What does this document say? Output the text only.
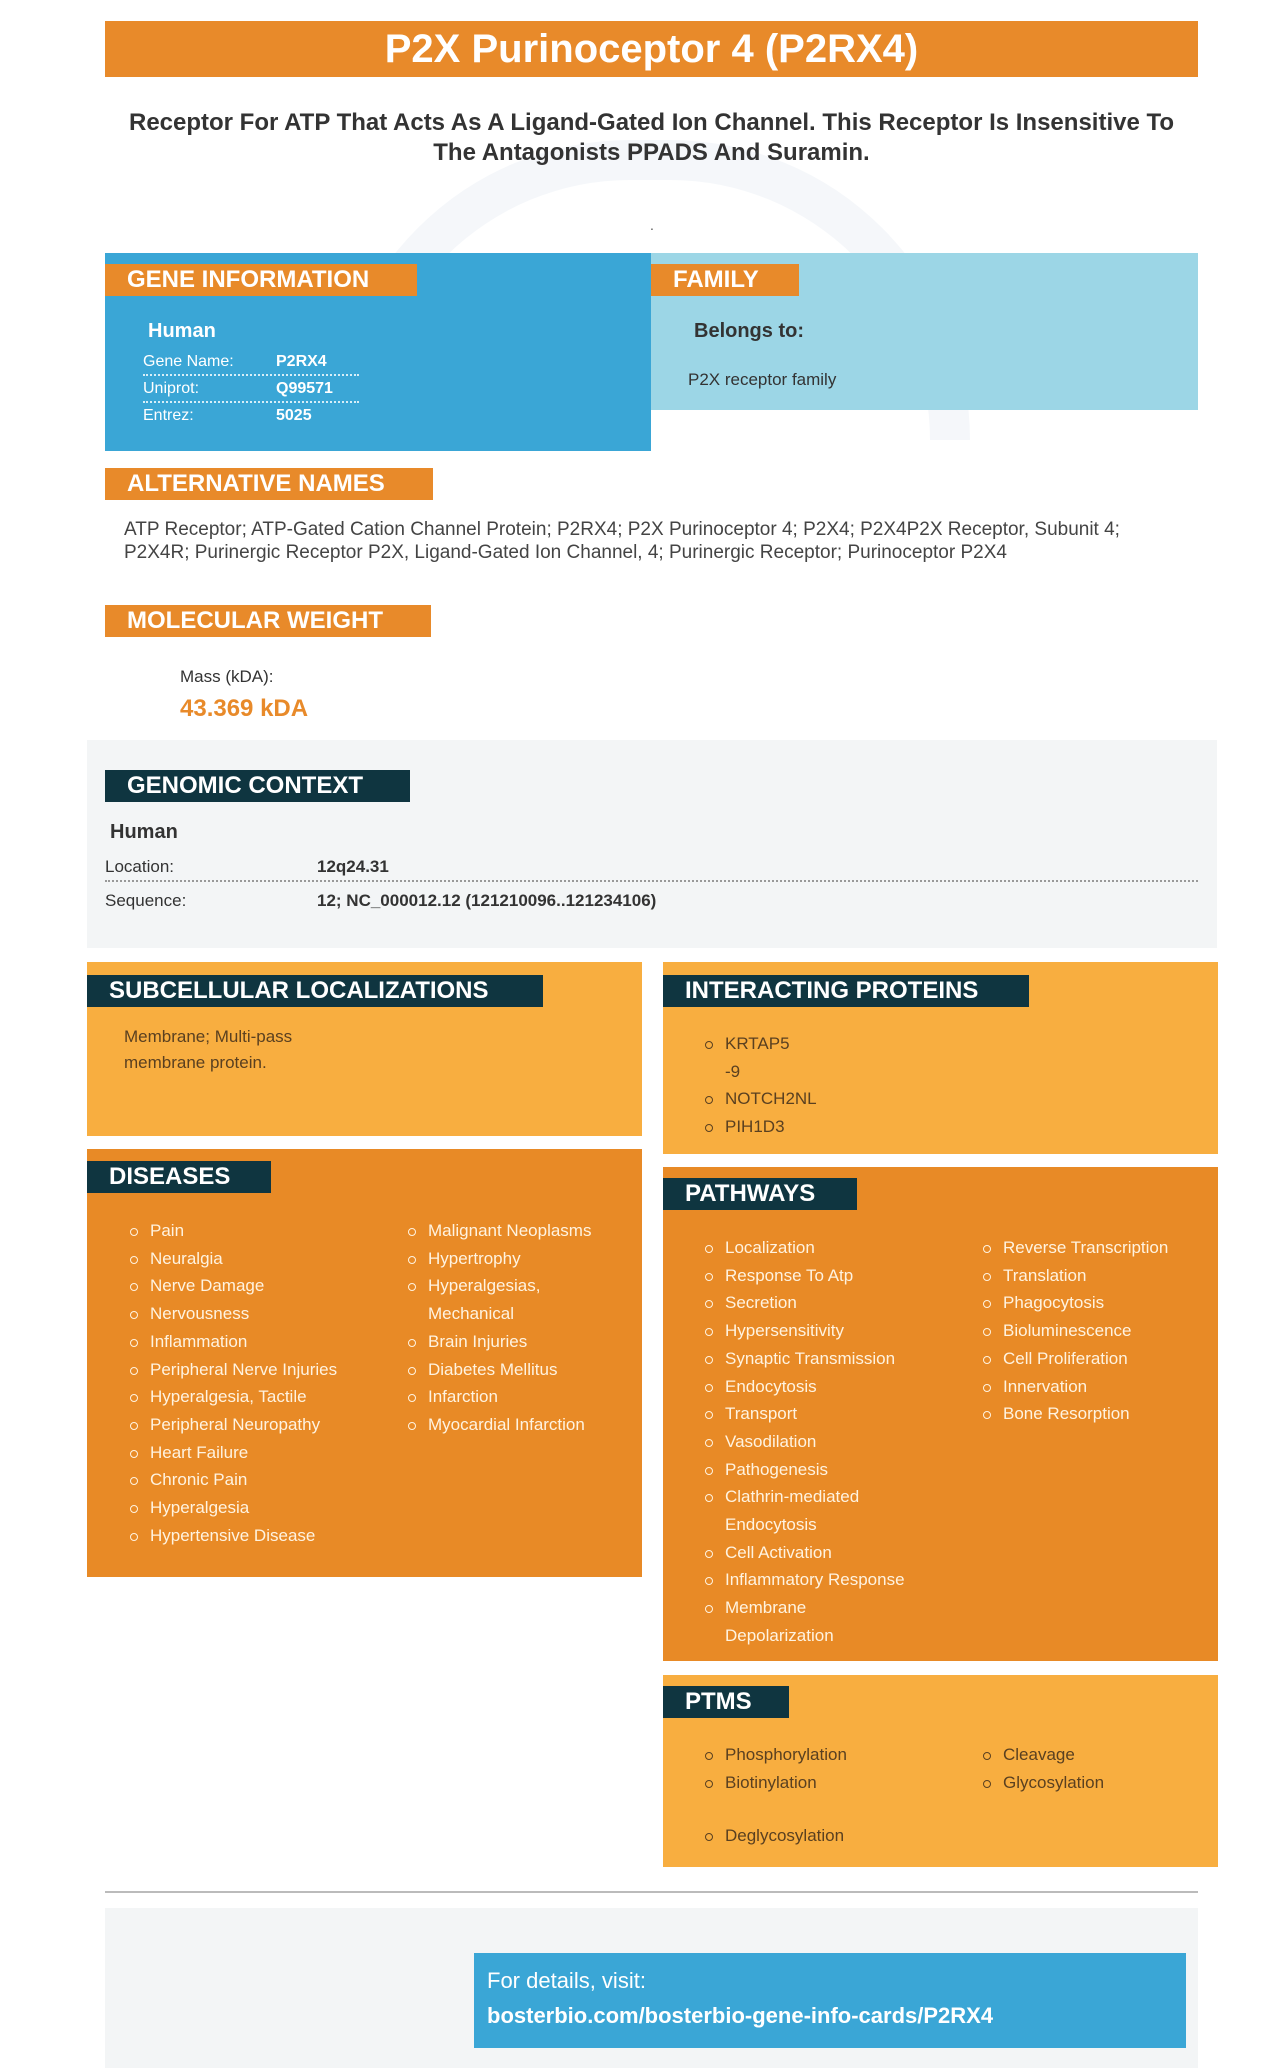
.
P2X Purinoceptor 4 (P2RX4)
Receptor For ATP That Acts As A Ligand-Gated Ion Channel. This Receptor Is Insensitive To The Antagonists PPADS And Suramin.
GENE INFORMATION	FAMILY
Human
Gene Name:	P2RX4
Uniprot:	Q99571
Entrez:	5025
Belongs to:
P2X receptor family
ALTERNATIVE NAMES
ATP Receptor; ATP-Gated Cation Channel Protein; P2RX4; P2X Purinoceptor 4; P2X4; P2X4P2X Receptor, Subunit 4; P2X4R; Purinergic Receptor P2X, Ligand-Gated Ion Channel, 4; Purinergic Receptor; Purinoceptor P2X4
MOLECULAR WEIGHT
Mass (kDA):
43.369 kDA
GENOMIC CONTEXT
Human
Location:	12q24.31
Sequence:	12; NC_000012.12 (121210096..121234106)
SUBCELLULAR LOCALIZATIONS
Membrane; Multi-pass membrane protein.
INTERACTING PROTEINS
KRTAP5-9
NOTCH2NL
PIH1D3
DISEASES
Pain
Neuralgia
Nerve Damage
Nervousness
Inflammation
Peripheral Nerve Injuries
Hyperalgesia, Tactile
Peripheral Neuropathy
Heart Failure
Chronic Pain
Hyperalgesia
Hypertensive Disease
Malignant Neoplasms
Hypertrophy
Hyperalgesias, Mechanical
Brain Injuries
Diabetes Mellitus
Infarction
Myocardial Infarction
PATHWAYS
Localization
Response To Atp
Secretion
Hypersensitivity
Synaptic Transmission
Endocytosis
Transport
Vasodilation
Pathogenesis
Clathrin-mediated Endocytosis
Cell Activation
Inflammatory Response
Membrane Depolarization
Reverse Transcription
Translation
Phagocytosis
Bioluminescence
Cell Proliferation
Innervation
Bone Resorption
PTMS
Phosphorylation
Biotinylation
Cleavage
Glycosylation
Deglycosylation
For details, visit:
bosterbio.com/bosterbio-gene-info-cards/P2RX4
